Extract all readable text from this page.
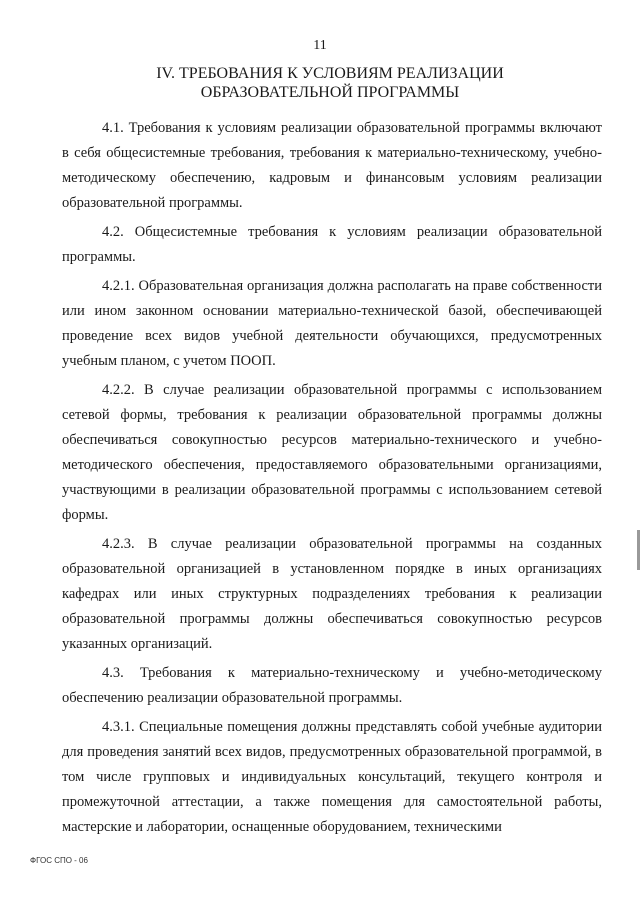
11
IV. ТРЕБОВАНИЯ К УСЛОВИЯМ РЕАЛИЗАЦИИ ОБРАЗОВАТЕЛЬНОЙ ПРОГРАММЫ

4.1. Требования к условиям реализации образовательной программы включают в себя общесистемные требования, требования к материально-техническому, учебно-методическому обеспечению, кадровым и финансовым условиям реализации образовательной программы.

4.2. Общесистемные требования к условиям реализации образовательной программы.

4.2.1. Образовательная организация должна располагать на праве собственности или ином законном основании материально-технической базой, обеспечивающей проведение всех видов учебной деятельности обучающихся, предусмотренных учебным планом, с учетом ПООП.

4.2.2. В случае реализации образовательной программы с использованием сетевой формы, требования к реализации образовательной программы должны обеспечиваться совокупностью ресурсов материально-технического и учебно-методического обеспечения, предоставляемого образовательными организациями, участвующими в реализации образовательной программы с использованием сетевой формы.

4.2.3. В случае реализации образовательной программы на созданных образовательной организацией в установленном порядке в иных организациях кафедрах или иных структурных подразделениях требования к реализации образовательной программы должны обеспечиваться совокупностью ресурсов указанных организаций.

4.3. Требования к материально-техническому и учебно-методическому обеспечению реализации образовательной программы.

4.3.1. Специальные помещения должны представлять собой учебные аудитории для проведения занятий всех видов, предусмотренных образовательной программой, в том числе групповых и индивидуальных консультаций, текущего контроля и промежуточной аттестации, а также помещения для самостоятельной работы, мастерские и лаборатории, оснащенные оборудованием, техническими

ФГОС СПО - 06
